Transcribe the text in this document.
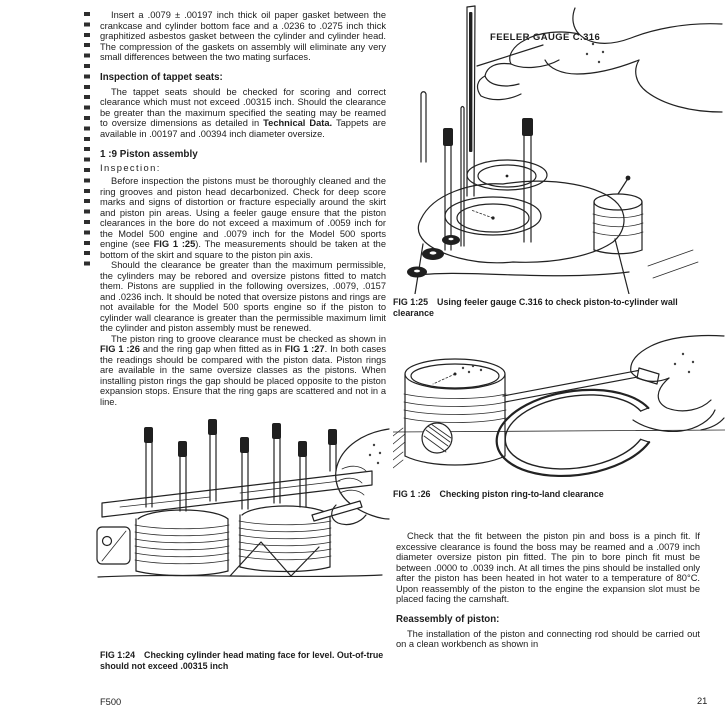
Insert a .0079 ± .00197 inch thick oil paper gasket between the crankcase and cylinder bottom face and a .0236 to .0275 inch thick graphitized asbestos gasket between the cylinder and cylinder head. The compression of the gaskets on assembly will eliminate any very small differences between the two mating surfaces.

Inspection of tappet seats:

The tappet seats should be checked for scoring and correct clearance which must not exceed .00315 inch. Should the clearance be greater than the maximum specified the seating may be reamed to oversize dimensions as detailed in Technical Data. Tappets are available in .00197 and .00394 inch diameter oversize.

1 :9 Piston assembly
Inspection:

Before inspection the pistons must be thoroughly cleaned and the ring grooves and piston head decarbonized. Check for deep score marks and signs of distortion or fracture especially around the skirt and piston pin areas. Using a feeler gauge ensure that the piston clearances in the bore do not exceed a maximum of .0059 inch for the Model 500 engine and .0079 inch for the Model 500 sports engine (see FIG 1 :25). The measurements should be taken at the bottom of the skirt and square to the piston pin axis.

Should the clearance be greater than the maximum permissible, the cylinders may be rebored and oversize pistons fitted to match them. Pistons are supplied in the following oversizes, .0079, .0157 and .0236 inch. It should be noted that oversize pistons and rings are not available for the Model 500 sports engine so if the piston to cylinder wall clearance is greater than the permissible maximum limit the cylinder and piston assembly must be renewed.

The piston ring to groove clearance must be checked as shown in FIG 1 :26 and the ring gap when fitted as in FIG 1 :27. In both cases the readings should be compared with the piston data. Piston rings are available in the same oversize classes as the pistons. When installing piston rings the gap should be placed opposite to the piston expansion stops. Ensure that the ring gaps are scattered and not in a line.

FIG 1:24 Checking cylinder head mating face for level. Out-of-true should not exceed .00315 inch
FEELER GAUGE C.316
FIG 1:25 Using feeler gauge C.316 to check piston-to-cylinder wall clearance
FIG 1 :26 Checking piston ring-to-land clearance

Check that the fit between the piston pin and boss is a pinch fit. If excessive clearance is found the boss may be reamed and a .0079 inch diameter oversize piston pin fitted. The pin to bore pinch fit must be between .0000 to .0039 inch. At all times the pins should be installed only after the piston has been heated in hot water to a temperature of 80°C. Upon reassembly of the piston to the engine the expansion slot must be placed facing the camshaft.

Reassembly of piston:

The installation of the piston and connecting rod should be carried out on a clean workbench as shown in

F500	21
